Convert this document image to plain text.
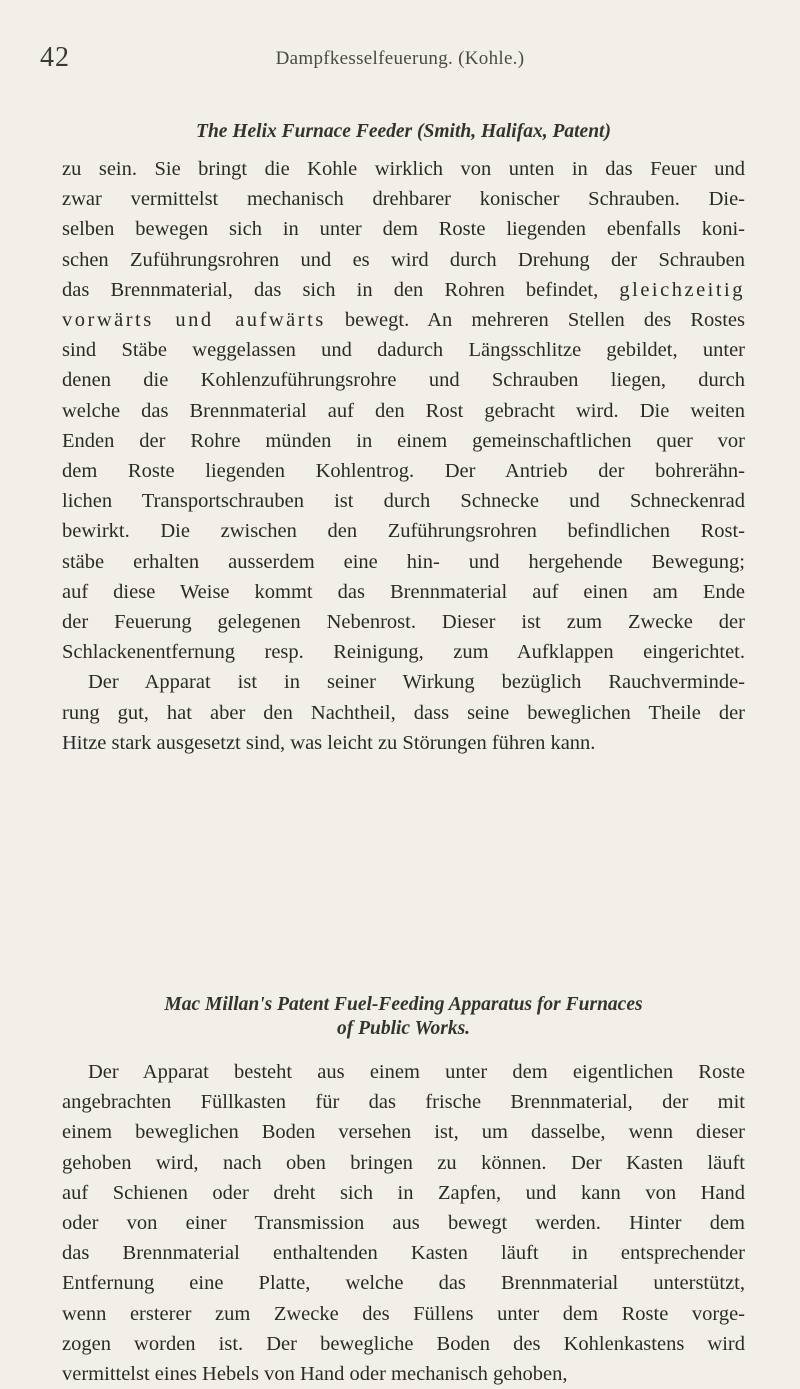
42	Dampfkesselfeuerung. (Kohle.)
The Helix Furnace Feeder (Smith, Halifax, Patent)
zu sein. Sie bringt die Kohle wirklich von unten in das Feuer und
zwar vermittelst mechanisch drehbarer konischer Schrauben. Die-
selben bewegen sich in unter dem Roste liegenden ebenfalls koni-
schen Zuführungsrohren und es wird durch Drehung der Schrauben
das Brennmaterial, das sich in den Rohren befindet, gleichzeitig
vorwärts und aufwärts bewegt. An mehreren Stellen des Rostes
sind Stäbe weggelassen und dadurch Längsschlitze gebildet, unter
denen die Kohlenzuführungsrohre und Schrauben liegen, durch
welche das Brennmaterial auf den Rost gebracht wird. Die weiten
Enden der Rohre münden in einem gemeinschaftlichen quer vor
dem Roste liegenden Kohlentrog. Der Antrieb der bohrerähn-
lichen Transportschrauben ist durch Schnecke und Schneckenrad
bewirkt. Die zwischen den Zuführungsrohren befindlichen Rost-
stäbe erhalten ausserdem eine hin- und hergehende Bewegung;
auf diese Weise kommt das Brennmaterial auf einen am Ende
der Feuerung gelegenen Nebenrost. Dieser ist zum Zwecke der
Schlackenentfernung resp. Reinigung, zum Aufklappen eingerichtet.
Der Apparat ist in seiner Wirkung bezüglich Rauchverminde-
rung gut, hat aber den Nachtheil, dass seine beweglichen Theile der
Hitze stark ausgesetzt sind, was leicht zu Störungen führen kann.
Mac Millan's Patent Fuel-Feeding Apparatus for Furnaces
of Public Works.
Der Apparat besteht aus einem unter dem eigentlichen Roste
angebrachten Füllkasten für das frische Brennmaterial, der mit
einem beweglichen Boden versehen ist, um dasselbe, wenn dieser
gehoben wird, nach oben bringen zu können. Der Kasten läuft
auf Schienen oder dreht sich in Zapfen, und kann von Hand
oder von einer Transmission aus bewegt werden. Hinter dem
das Brennmaterial enthaltenden Kasten läuft in entsprechender
Entfernung eine Platte, welche das Brennmaterial unterstützt,
wenn ersterer zum Zwecke des Füllens unter dem Roste vorge-
zogen worden ist. Der bewegliche Boden des Kohlenkastens wird
vermittelst eines Hebels von Hand oder mechanisch gehoben,
